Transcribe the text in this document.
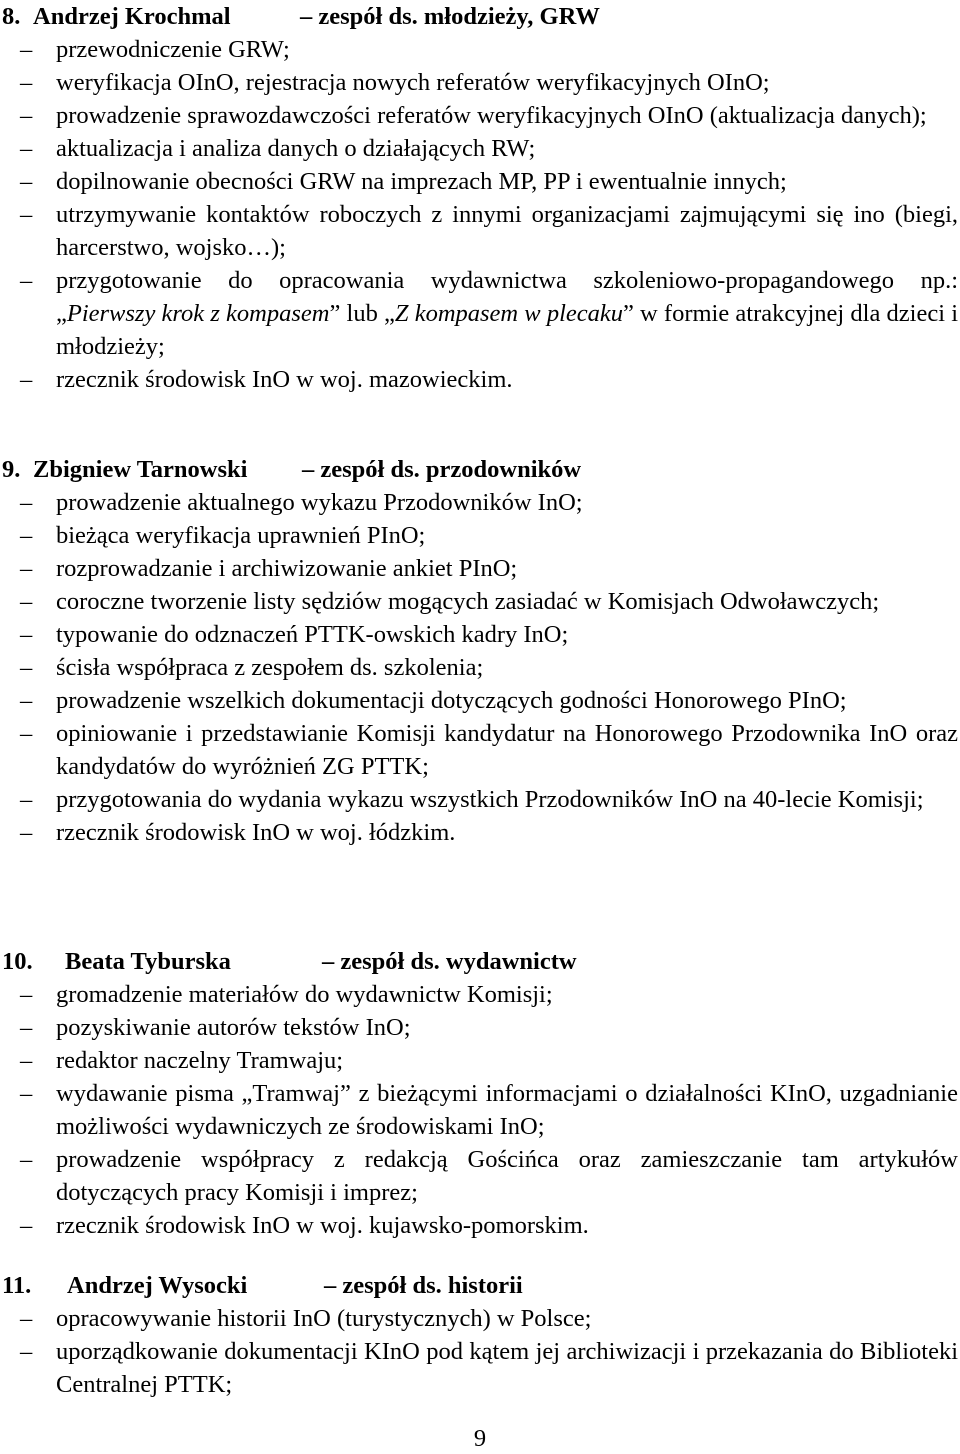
8. Andrzej Krochmal	– zespół ds. młodzieży, GRW
– przewodniczenie GRW;
– weryfikacja OInO, rejestracja nowych referatów weryfikacyjnych OInO;
– prowadzenie sprawozdawczości referatów weryfikacyjnych OInO (aktualizacja danych);
– aktualizacja i analiza danych o działających RW;
– dopilnowanie obecności GRW na imprezach MP, PP i ewentualnie innych;
– utrzymywanie kontaktów roboczych z innymi organizacjami zajmującymi się ino (biegi, harcerstwo, wojsko…);
– przygotowanie do opracowania wydawnictwa szkoleniowo-propagandowego np.: „Pierwszy krok z kompasem” lub „Z kompasem w plecaku” w formie atrakcyjnej dla dzieci i młodzieży;
– rzecznik środowisk InO w woj. mazowieckim.
9. Zbigniew Tarnowski – zespół ds. przodowników
– prowadzenie aktualnego wykazu Przodowników InO;
– bieżąca weryfikacja uprawnień PInO;
– rozprowadzanie i archiwizowanie ankiet PInO;
– coroczne tworzenie listy sędziów mogących zasiadać w Komisjach Odwoławczych;
– typowanie do odznaczeń PTTK-owskich kadry InO;
– ścisła współpraca z zespołem ds. szkolenia;
– prowadzenie wszelkich dokumentacji dotyczących godności Honorowego PInO;
– opiniowanie i przedstawianie Komisji kandydatur na Honorowego Przodownika InO oraz kandydatów do wyróżnień ZG PTTK;
– przygotowania do wydania wykazu wszystkich Przodowników InO na 40-lecie Komisji;
– rzecznik środowisk InO w woj. łódzkim.
10. Beata Tyburska	– zespół ds. wydawnictw
– gromadzenie materiałów do wydawnictw Komisji;
– pozyskiwanie autorów tekstów InO;
– redaktor naczelny Tramwaju;
– wydawanie pisma „Tramwaj” z bieżącymi informacjami o działalności KInO, uzgadnianie możliwości wydawniczych ze środowiskami InO;
– prowadzenie współpracy z redakcją Gościńca oraz zamieszczanie tam artykułów dotyczących pracy Komisji i imprez;
– rzecznik środowisk InO w woj. kujawsko-pomorskim.
11. Andrzej Wysocki	– zespół ds. historii
– opracowywanie historii InO (turystycznych) w Polsce;
– uporządkowanie dokumentacji KInO pod kątem jej archiwizacji i przekazania do Biblioteki Centralnej PTTK;
9
